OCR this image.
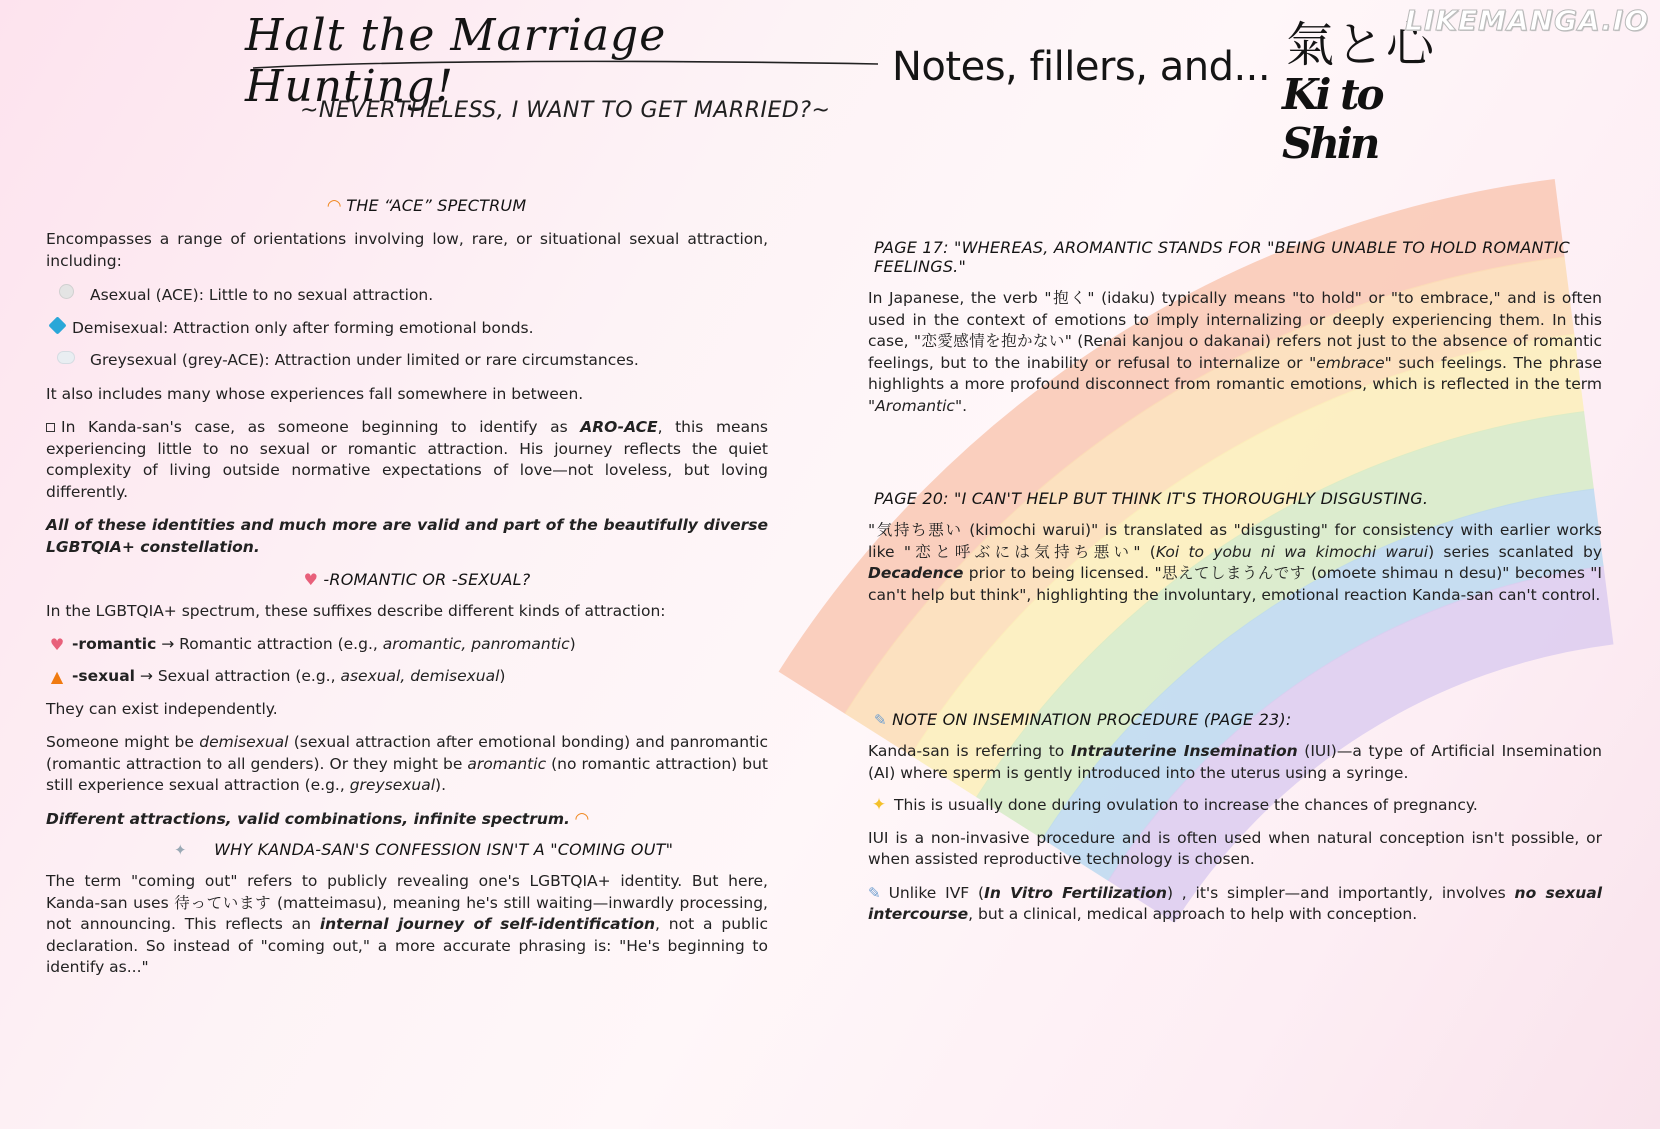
Halt the Marriage Hunting!
~NEVERTHELESS, I WANT TO GET MARRIED?~
Notes, fillers, and... 氣と心
Ki to Shin
LIKEMANGA.IO
◠ THE “ACE” SPECTRUM

Encompasses a range of orientations involving low, rare, or situational sexual attraction, including:

Asexual (ACE): Little to no sexual attraction.
Demisexual: Attraction only after forming emotional bonds.
Greysexual (grey-ACE): Attraction under limited or rare circumstances.

It also includes many whose experiences fall somewhere in between.

In Kanda-san's case, as someone beginning to identify as ARO-ACE, this means experiencing little to no sexual or romantic attraction. His journey reflects the quiet complexity of living outside normative expectations of love—not loveless, but loving differently.

All of these identities and much more are valid and part of the beautifully diverse LGBTQIA+ constellation.

♥ -ROMANTIC OR -SEXUAL?

In the LGBTQIA+ spectrum, these suffixes describe different kinds of attraction:

♥ -romantic → Romantic attraction (e.g., aromantic, panromantic )
▲ -sexual → Sexual attraction (e.g., asexual, demisexual )

They can exist independently.

Someone might be demisexual (sexual attraction after emotional bonding) and panromantic (romantic attraction to all genders). Or they might be aromantic (no romantic attraction) but still experience sexual attraction (e.g., greysexual).

Different attractions, valid combinations, infinite spectrum. ◠

✦ WHY KANDA-SAN'S CONFESSION ISN'T A "COMING OUT"

The term "coming out" refers to publicly revealing one's LGBTQIA+ identity. But here, Kanda-san uses 待っています (matteimasu), meaning he's still waiting—inwardly processing, not announcing. This reflects an internal journey of self-identification, not a public declaration. So instead of "coming out," a more accurate phrasing is: "He's beginning to identify as..."

PAGE 17: "WHEREAS, AROMANTIC STANDS FOR "BEING UNABLE TO HOLD ROMANTIC FEELINGS."

In Japanese, the verb "抱く" (idaku) typically means "to hold" or "to embrace," and is often used in the context of emotions to imply internalizing or deeply experiencing them. In this case, "恋愛感情を抱かない" (Renai kanjou o dakanai) refers not just to the absence of romantic feelings, but to the inability or refusal to internalize or "embrace" such feelings. The phrase highlights a more profound disconnect from romantic emotions, which is reflected in the term "Aromantic".

PAGE 20: "I CAN'T HELP BUT THINK IT'S THOROUGHLY DISGUSTING.

"気持ち悪い (kimochi warui)" is translated as "disgusting" for consistency with earlier works like "恋と呼ぶには気持ち悪い" (Koi to yobu ni wa kimochi warui) series scanlated by Decadence prior to being licensed. "思えてしまうんです (omoete shimau n desu)" becomes "I can't help but think", highlighting the involuntary, emotional reaction Kanda-san can't control.

✎ NOTE ON INSEMINATION PROCEDURE (PAGE 23):

Kanda-san is referring to Intrauterine Insemination (IUI)—a type of Artificial Insemination (AI) where sperm is gently introduced into the uterus using a syringe.

✦ This is usually done during ovulation to increase the chances of pregnancy.

IUI is a non-invasive procedure and is often used when natural conception isn't possible, or when assisted reproductive technology is chosen.

✎ Unlike IVF (In Vitro Fertilization) , it's simpler—and importantly, involves no sexual intercourse, but a clinical, medical approach to help with conception.
